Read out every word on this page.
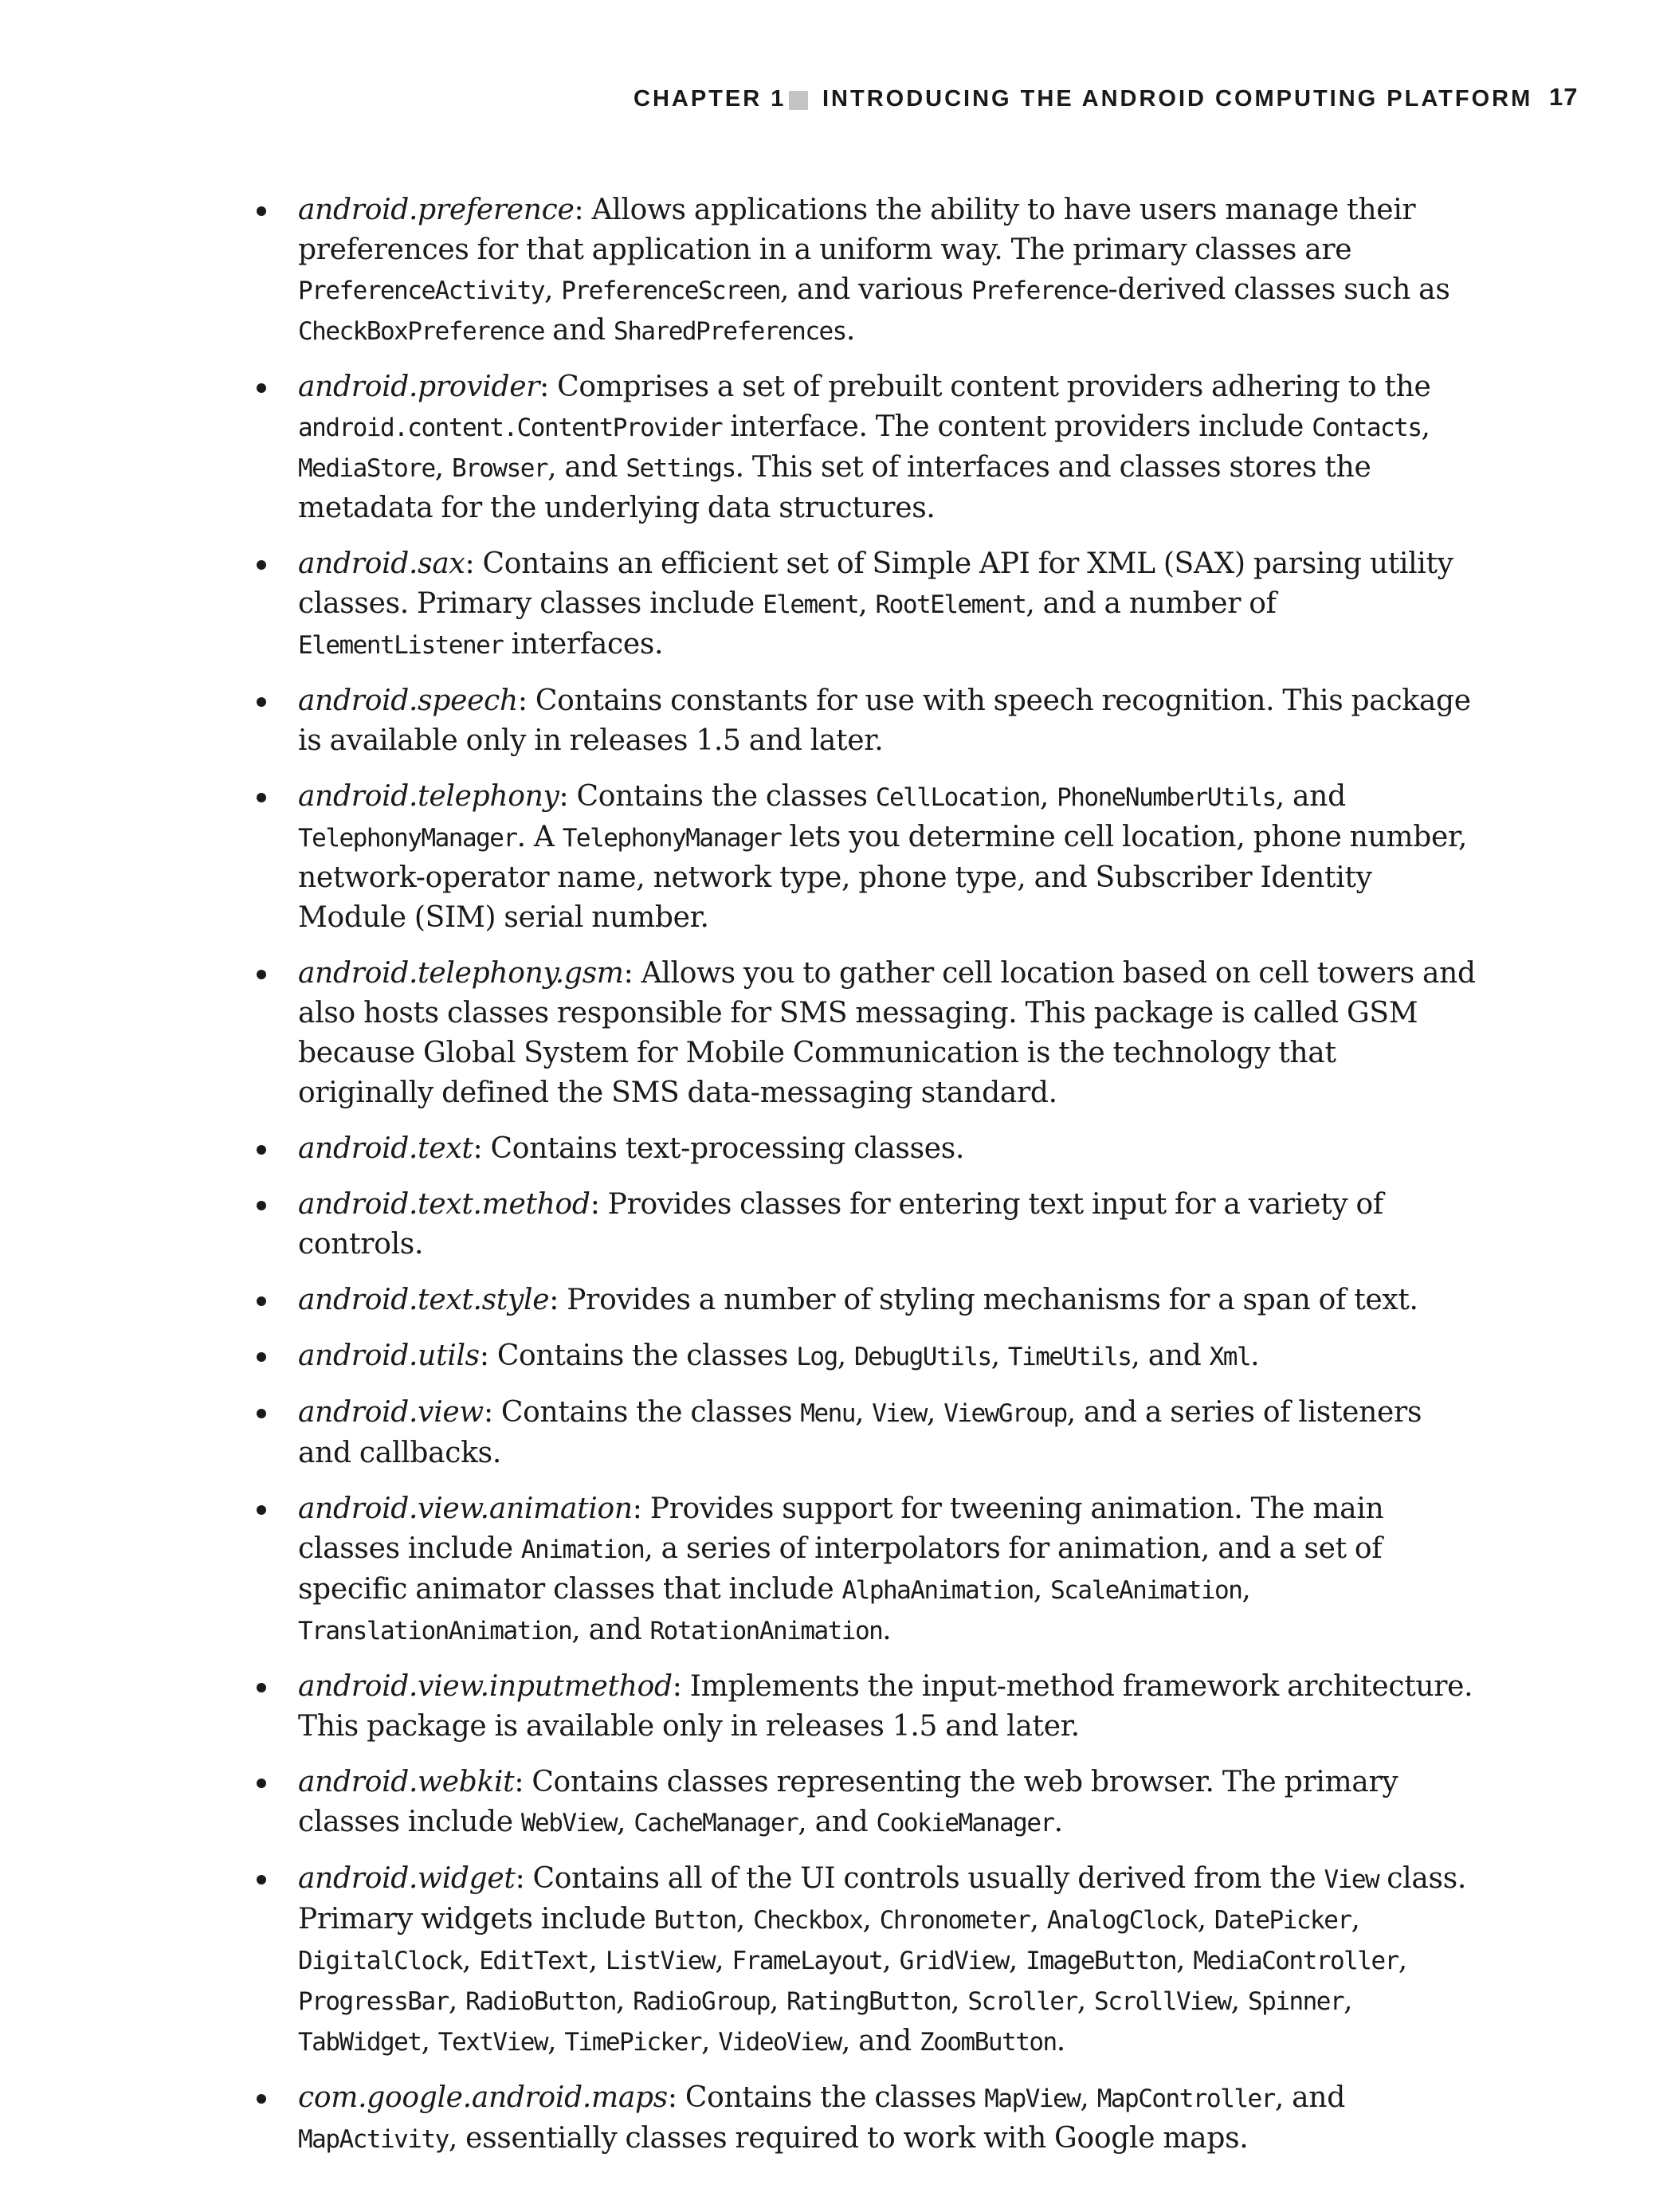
CHAPTER 1 INTRODUCING THE ANDROID COMPUTING PLATFORM 17
android.preference: Allows applications the ability to have users manage their preferences for that application in a uniform way. The primary classes are PreferenceActivity, PreferenceScreen, and various Preference-derived classes such as CheckBoxPreference and SharedPreferences.
android.provider: Comprises a set of prebuilt content providers adhering to the android.content.ContentProvider interface. The content providers include Contacts, MediaStore, Browser, and Settings. This set of interfaces and classes stores the metadata for the underlying data structures.
android.sax: Contains an efficient set of Simple API for XML (SAX) parsing utility classes. Primary classes include Element, RootElement, and a number of ElementListener interfaces.
android.speech: Contains constants for use with speech recognition. This package is available only in releases 1.5 and later.
android.telephony: Contains the classes CellLocation, PhoneNumberUtils, and TelephonyManager. A TelephonyManager lets you determine cell location, phone number, network-operator name, network type, phone type, and Subscriber Identity Module (SIM) serial number.
android.telephony.gsm: Allows you to gather cell location based on cell towers and also hosts classes responsible for SMS messaging. This package is called GSM because Global System for Mobile Communication is the technology that originally defined the SMS data-messaging standard.
android.text: Contains text-processing classes.
android.text.method: Provides classes for entering text input for a variety of controls.
android.text.style: Provides a number of styling mechanisms for a span of text.
android.utils: Contains the classes Log, DebugUtils, TimeUtils, and Xml.
android.view: Contains the classes Menu, View, ViewGroup, and a series of listeners and callbacks.
android.view.animation: Provides support for tweening animation. The main classes include Animation, a series of interpolators for animation, and a set of specific animator classes that include AlphaAnimation, ScaleAnimation, TranslationAnimation, and RotationAnimation.
android.view.inputmethod: Implements the input-method framework architecture. This package is available only in releases 1.5 and later.
android.webkit: Contains classes representing the web browser. The primary classes include WebView, CacheManager, and CookieManager.
android.widget: Contains all of the UI controls usually derived from the View class. Primary widgets include Button, Checkbox, Chronometer, AnalogClock, DatePicker, DigitalClock, EditText, ListView, FrameLayout, GridView, ImageButton, MediaController, ProgressBar, RadioButton, RadioGroup, RatingButton, Scroller, ScrollView, Spinner, TabWidget, TextView, TimePicker, VideoView, and ZoomButton.
com.google.android.maps: Contains the classes MapView, MapController, and MapActivity, essentially classes required to work with Google maps.
